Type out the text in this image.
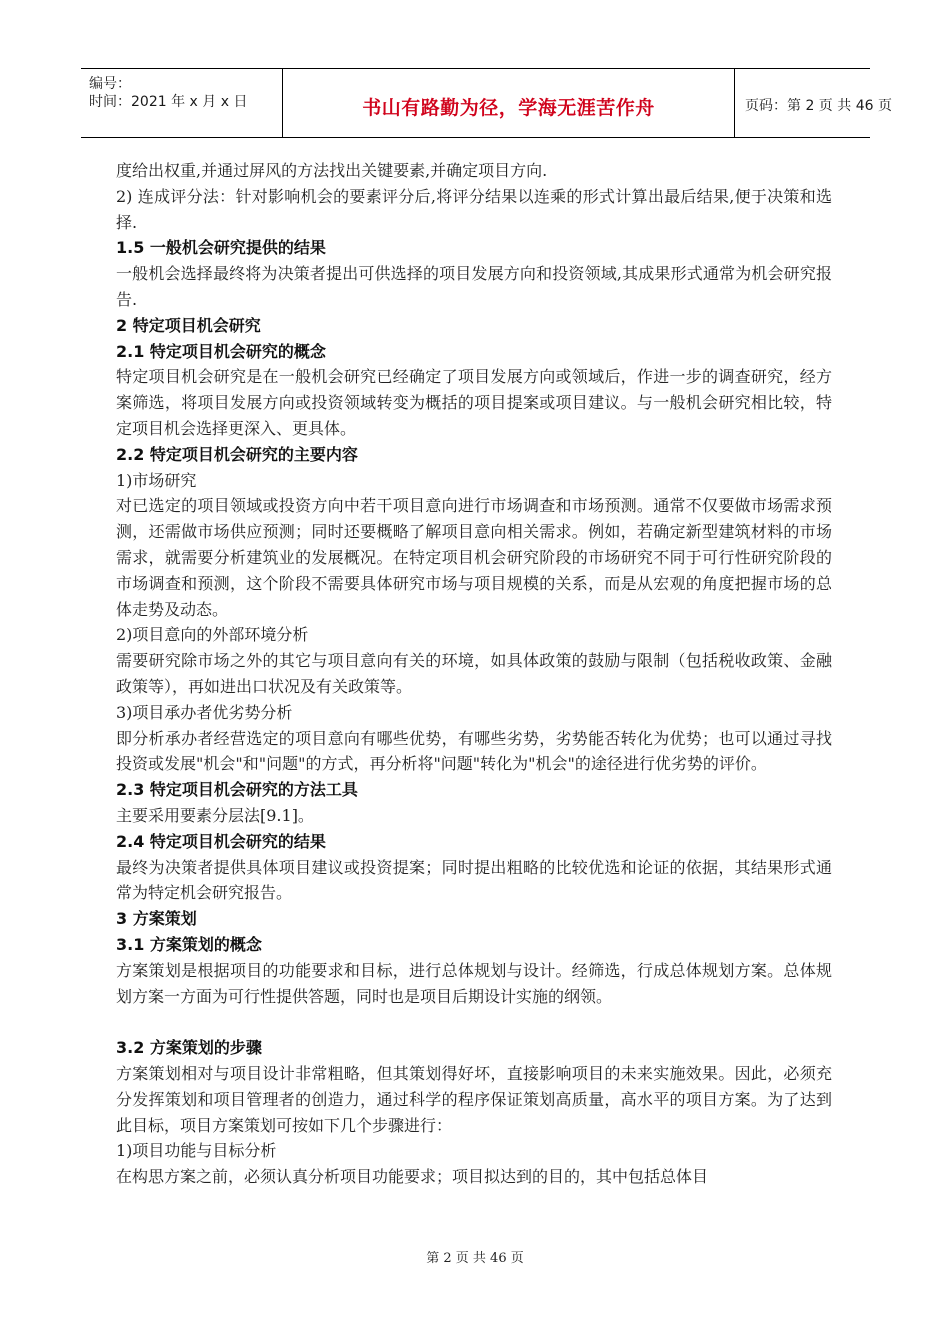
编号：
时间：2021 年 x 月 x 日	书山有路勤为径，学海无涯苦作舟	页码：第 2 页 共 46 页
度给出权重,并通过屏风的方法找出关键要素,并确定项目方向.
2) 连成评分法：针对影响机会的要素评分后,将评分结果以连乘的形式计算出最后结果,便于决策和选择.
1.5 一般机会研究提供的结果
一般机会选择最终将为决策者提出可供选择的项目发展方向和投资领域,其成果形式通常为机会研究报告.
2 特定项目机会研究
2.1 特定项目机会研究的概念
特定项目机会研究是在一般机会研究已经确定了项目发展方向或领域后，作进一步的调查研究，经方案筛选，将项目发展方向或投资领域转变为概括的项目提案或项目建议。与一般机会研究相比较，特定项目机会选择更深入、更具体。
2.2 特定项目机会研究的主要内容
1)市场研究
对已选定的项目领域或投资方向中若干项目意向进行市场调查和市场预测。通常不仅要做市场需求预测，还需做市场供应预测；同时还要概略了解项目意向相关需求。例如，若确定新型建筑材料的市场需求，就需要分析建筑业的发展概况。在特定项目机会研究阶段的市场研究不同于可行性研究阶段的市场调查和预测，这个阶段不需要具体研究市场与项目规模的关系，而是从宏观的角度把握市场的总体走势及动态。
2)项目意向的外部环境分析
需要研究除市场之外的其它与项目意向有关的环境，如具体政策的鼓励与限制（包括税收政策、金融政策等），再如进出口状况及有关政策等。
3)项目承办者优劣势分析
即分析承办者经营选定的项目意向有哪些优势，有哪些劣势，劣势能否转化为优势；也可以通过寻找投资或发展"机会"和"问题"的方式，再分析将"问题"转化为"机会"的途径进行优劣势的评价。
2.3 特定项目机会研究的方法工具
主要采用要素分层法[9.1]。
2.4 特定项目机会研究的结果
最终为决策者提供具体项目建议或投资提案；同时提出粗略的比较优选和论证的依据，其结果形式通常为特定机会研究报告。
3 方案策划
3.1 方案策划的概念
方案策划是根据项目的功能要求和目标，进行总体规划与设计。经筛选，行成总体规划方案。总体规划方案一方面为可行性提供答题，同时也是项目后期设计实施的纲领。
3.2 方案策划的步骤
方案策划相对与项目设计非常粗略，但其策划得好坏，直接影响项目的未来实施效果。因此，必须充分发挥策划和项目管理者的创造力，通过科学的程序保证策划高质量，高水平的项目方案。为了达到此目标，项目方案策划可按如下几个步骤进行：
1)项目功能与目标分析
在构思方案之前，必须认真分析项目功能要求；项目拟达到的目的，其中包括总体目
第 2 页 共 46 页
